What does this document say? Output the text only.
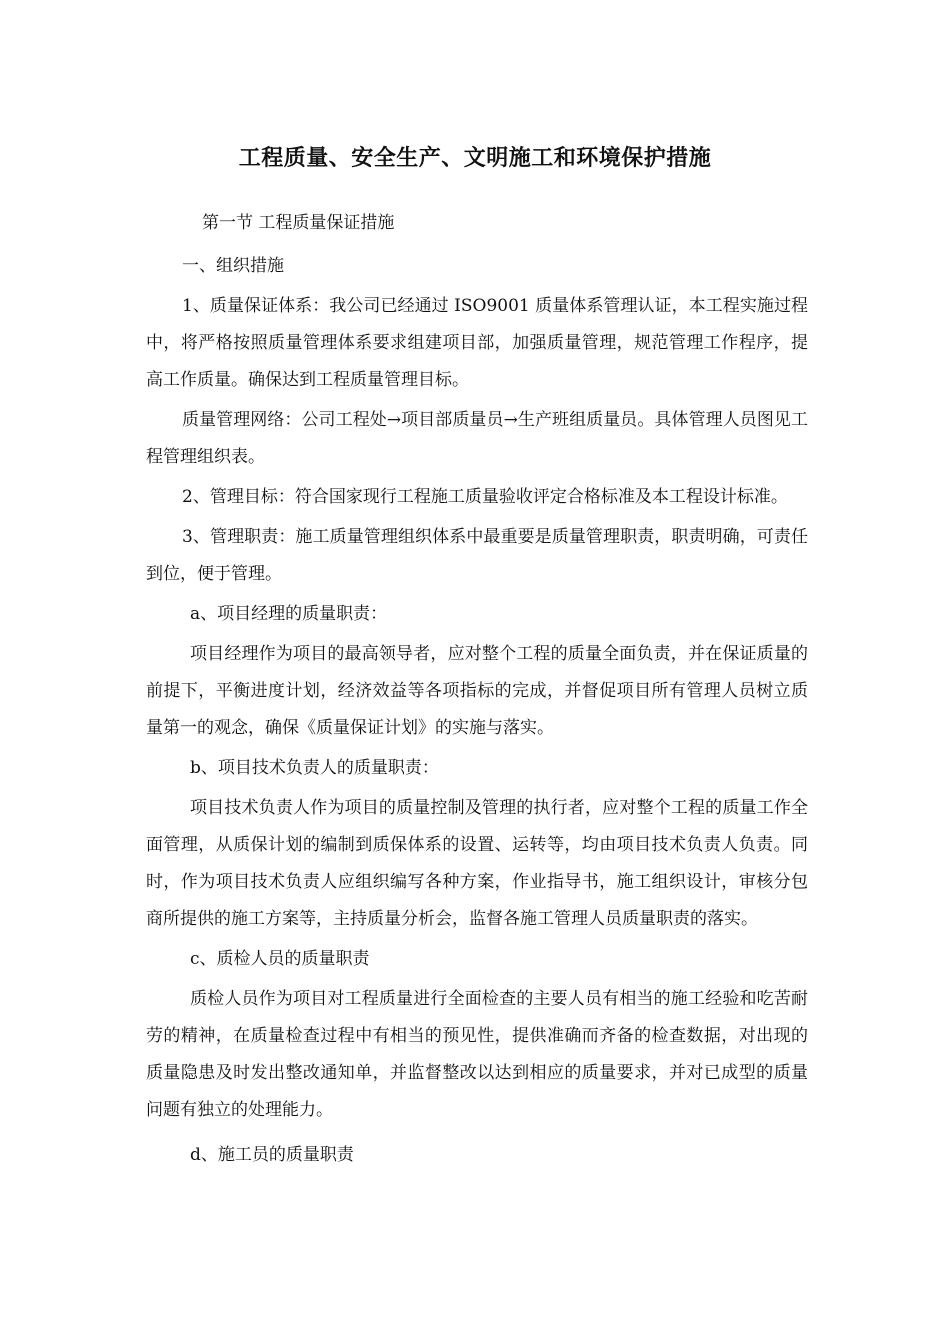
工程质量、安全生产、文明施工和环境保护措施

第一节 工程质量保证措施

一、组织措施

1、质量保证体系：我公司已经通过 ISO9001 质量体系管理认证，本工程实施过程中，将严格按照质量管理体系要求组建项目部，加强质量管理，规范管理工作程序，提高工作质量。确保达到工程质量管理目标。

质量管理网络：公司工程处→项目部质量员→生产班组质量员。具体管理人员图见工程管理组织表。

2、管理目标：符合国家现行工程施工质量验收评定合格标准及本工程设计标准。

3、管理职责：施工质量管理组织体系中最重要是质量管理职责，职责明确，可责任到位，便于管理。

a、项目经理的质量职责：

项目经理作为项目的最高领导者，应对整个工程的质量全面负责，并在保证质量的前提下，平衡进度计划，经济效益等各项指标的完成，并督促项目所有管理人员树立质量第一的观念，确保《质量保证计划》的实施与落实。

b、项目技术负责人的质量职责：

项目技术负责人作为项目的质量控制及管理的执行者，应对整个工程的质量工作全面管理，从质保计划的编制到质保体系的设置、运转等，均由项目技术负责人负责。同时，作为项目技术负责人应组织编写各种方案，作业指导书，施工组织设计，审核分包商所提供的施工方案等，主持质量分析会，监督各施工管理人员质量职责的落实。

c、质检人员的质量职责

质检人员作为项目对工程质量进行全面检查的主要人员有相当的施工经验和吃苦耐劳的精神，在质量检查过程中有相当的预见性，提供准确而齐备的检查数据，对出现的质量隐患及时发出整改通知单，并监督整改以达到相应的质量要求，并对已成型的质量问题有独立的处理能力。

d、施工员的质量职责
